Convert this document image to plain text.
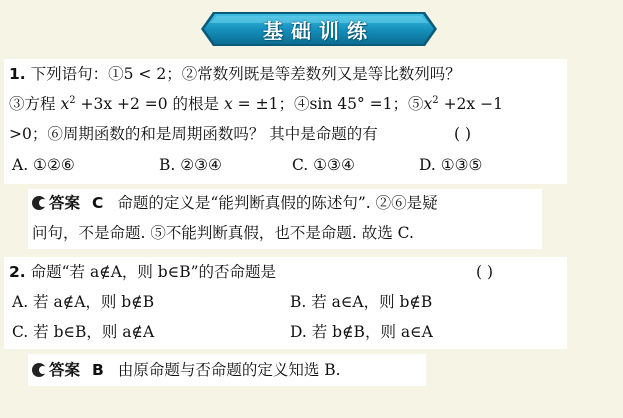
基础训练
1. 下列语句：①5 < 2；②常数列既是等差数列又是等比数列吗？
③方程 $x^2 +3x +2 =0$ 的根是 x = ±1；④sin 45° =1；$⑤x^2 +2x -1$
>0；⑥周期函数的和是周期函数吗？ 其中是命题的有	( )
A. ①②⑥	B. ②③④	C. ①③④	D. ①③⑤
答案 C 命题的定义是“能判断真假的陈述句”. ②⑥是疑
问句，不是命题. ⑤不能判断真假，也不是命题. 故选 C.
2. 命题“若 a∉A，则 b∈B”的否命题是	( )
A. 若 a∉A，则 b∉B	B. 若 a∈A，则 b∉B
C. 若 b∈B，则 a∉A	D. 若 b∉B，则 a∈A
答案 B 由原命题与否命题的定义知选 B.
